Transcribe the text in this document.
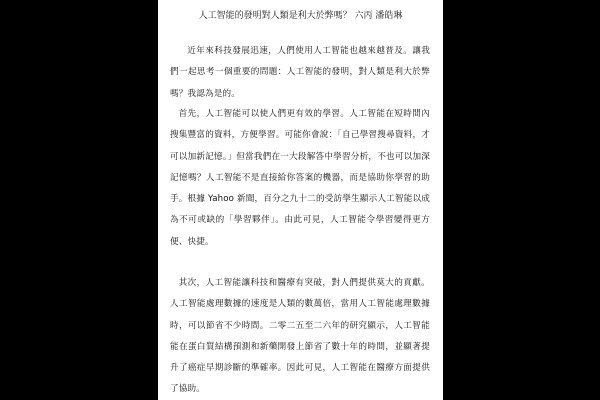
人工智能的發明對人類是利大於弊嗎？ 六丙 潘皓琳

近年來科技發展迅速，人們使用人工智能也越來越普及。讓我們一起思考一個重要的問題：人工智能的發明，對人類是利大於弊嗎？我認為是的。

首先，人工智能可以使人們更有效的學習。人工智能在短時間內搜集豐富的資料，方便學習。可能你會說：「自己學習搜尋資料，才可以加新記憶。」但當我們在一大段解答中學習分析，不也可以加深記憶嗎？人工智能不是直接給你答案的機器，而是協助你學習的助手。根據 Yahoo 新聞，百分之九十二的受訪學生顯示人工智能以成為不可或缺的「學習夥伴」。由此可見，人工智能令學習變得更方便、快捷。

其次，人工智能讓科技和醫療有突破，對人們提供莫大的貢獻。人工智能處理數據的速度是人類的數萬倍，當用人工智能處理數據時，可以節省不少時間。二零二五至二六年的研究顯示，人工智能能在蛋白質結構預測和新藥開發上節省了數十年的時間，並顯著提升了癌症早期診斷的準確率。因此可見，人工智能在醫療方面提供了協助。
